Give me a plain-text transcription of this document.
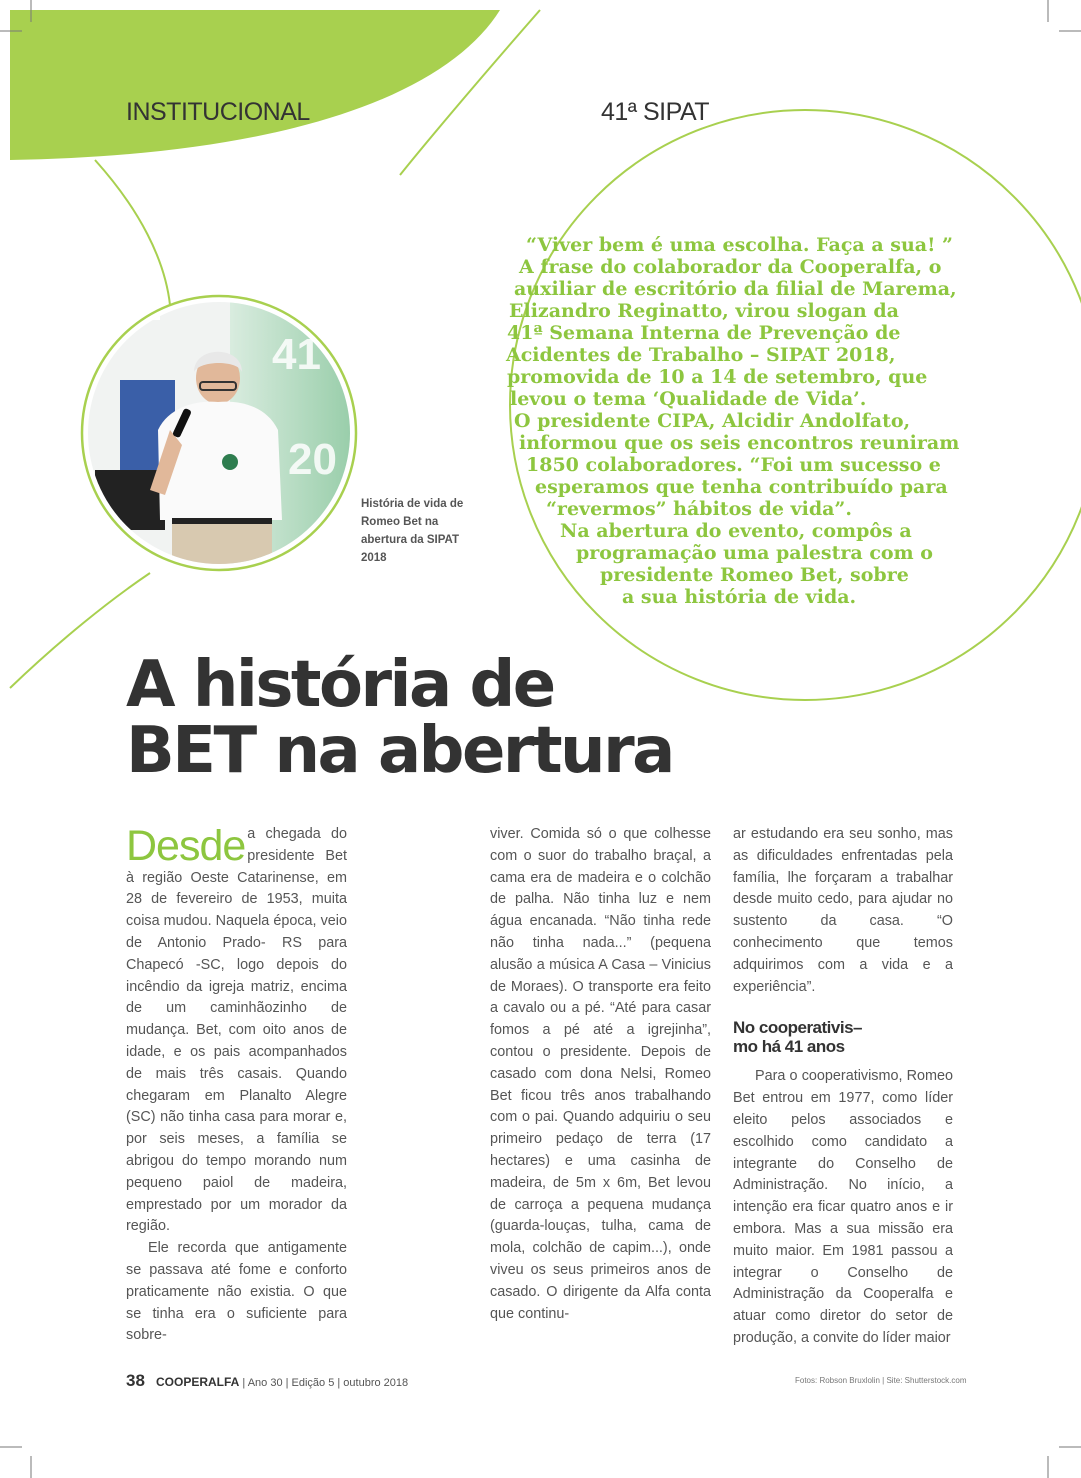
41
20
INSTITUCIONAL	41ª SIPAT
“Viver bem é uma escolha. Faça a sua! ”
A frase do colaborador da Cooperalfa, o
auxiliar de escritório da filial de Marema,
Elizandro Reginatto, virou slogan da
41ª Semana Interna de Prevenção de
Acidentes de Trabalho – SIPAT 2018,
promovida de 10 a 14 de setembro, que
levou o tema ‘Qualidade de Vida’.
O presidente CIPA, Alcidir Andolfato,
informou que os seis encontros reuniram
1850 colaboradores. “Foi um sucesso e
esperamos que tenha contribuído para
“revermos” hábitos de vida”.
Na abertura do evento, compôs a
programação uma palestra com o
presidente Romeo Bet, sobre
a sua história de vida.
História de vida de Romeo Bet na abertura da SIPAT 2018
A história de
BET na abertura

Desde a chegada do presidente Bet à região Oeste Catarinense, em 28 de fevereiro de 1953, muita coisa mudou. Naquela época, veio de Antonio Prado- RS para Chapecó -SC, logo depois do incêndio da igreja matriz, encima de um caminhãozinho de mudança. Bet, com oito anos de idade, e os pais acompanhados de mais três casais. Quando chegaram em Planalto Alegre (SC) não tinha casa para morar e, por seis meses, a família se abrigou do tempo morando num pequeno paiol de madeira, emprestado por um morador da região.

Ele recorda que antigamente se passava até fome e conforto praticamente não existia. O que se tinha era o suficiente para sobre-

viver. Comida só o que colhesse com o suor do trabalho braçal, a cama era de madeira e o colchão de palha. Não tinha luz e nem água encanada. “Não tinha rede não tinha nada...” (pequena alusão a música A Casa – Vinicius de Moraes). O transporte era feito a cavalo ou a pé. “Até para casar fomos a pé até a igrejinha”, contou o presidente. Depois de casado com dona Nelsi, Romeo Bet ficou três anos trabalhando com o pai. Quando adquiriu o seu primeiro pedaço de terra (17 hectares) e uma casinha de madeira, de 5m x 6m, Bet levou de carroça a pequena mudança (guarda-louças, tulha, cama de mola, colchão de capim...), onde viveu os seus primeiros anos de casado. O dirigente da Alfa conta que continu-

ar estudando era seu sonho, mas as dificuldades enfrentadas pela família, lhe forçaram a trabalhar desde muito cedo, para ajudar no sustento da casa. “O conhecimento que temos adquirimos com a vida e a experiência”.

No cooperativis–
mo há 41 anos

Para o cooperativismo, Romeo Bet entrou em 1977, como líder eleito pelos associados e escolhido como candidato a integrante do Conselho de Administração. No início, a intenção era ficar quatro anos e ir embora. Mas a sua missão era muito maior. Em 1981 passou a integrar o Conselho de Administração da Cooperalfa e atuar como diretor do setor de produção, a convite do líder maior

38 COOPERALFA | Ano 30 | Edição 5 | outubro 2018	Fotos: Robson Bruxlolin | Site: Shutterstock.com
